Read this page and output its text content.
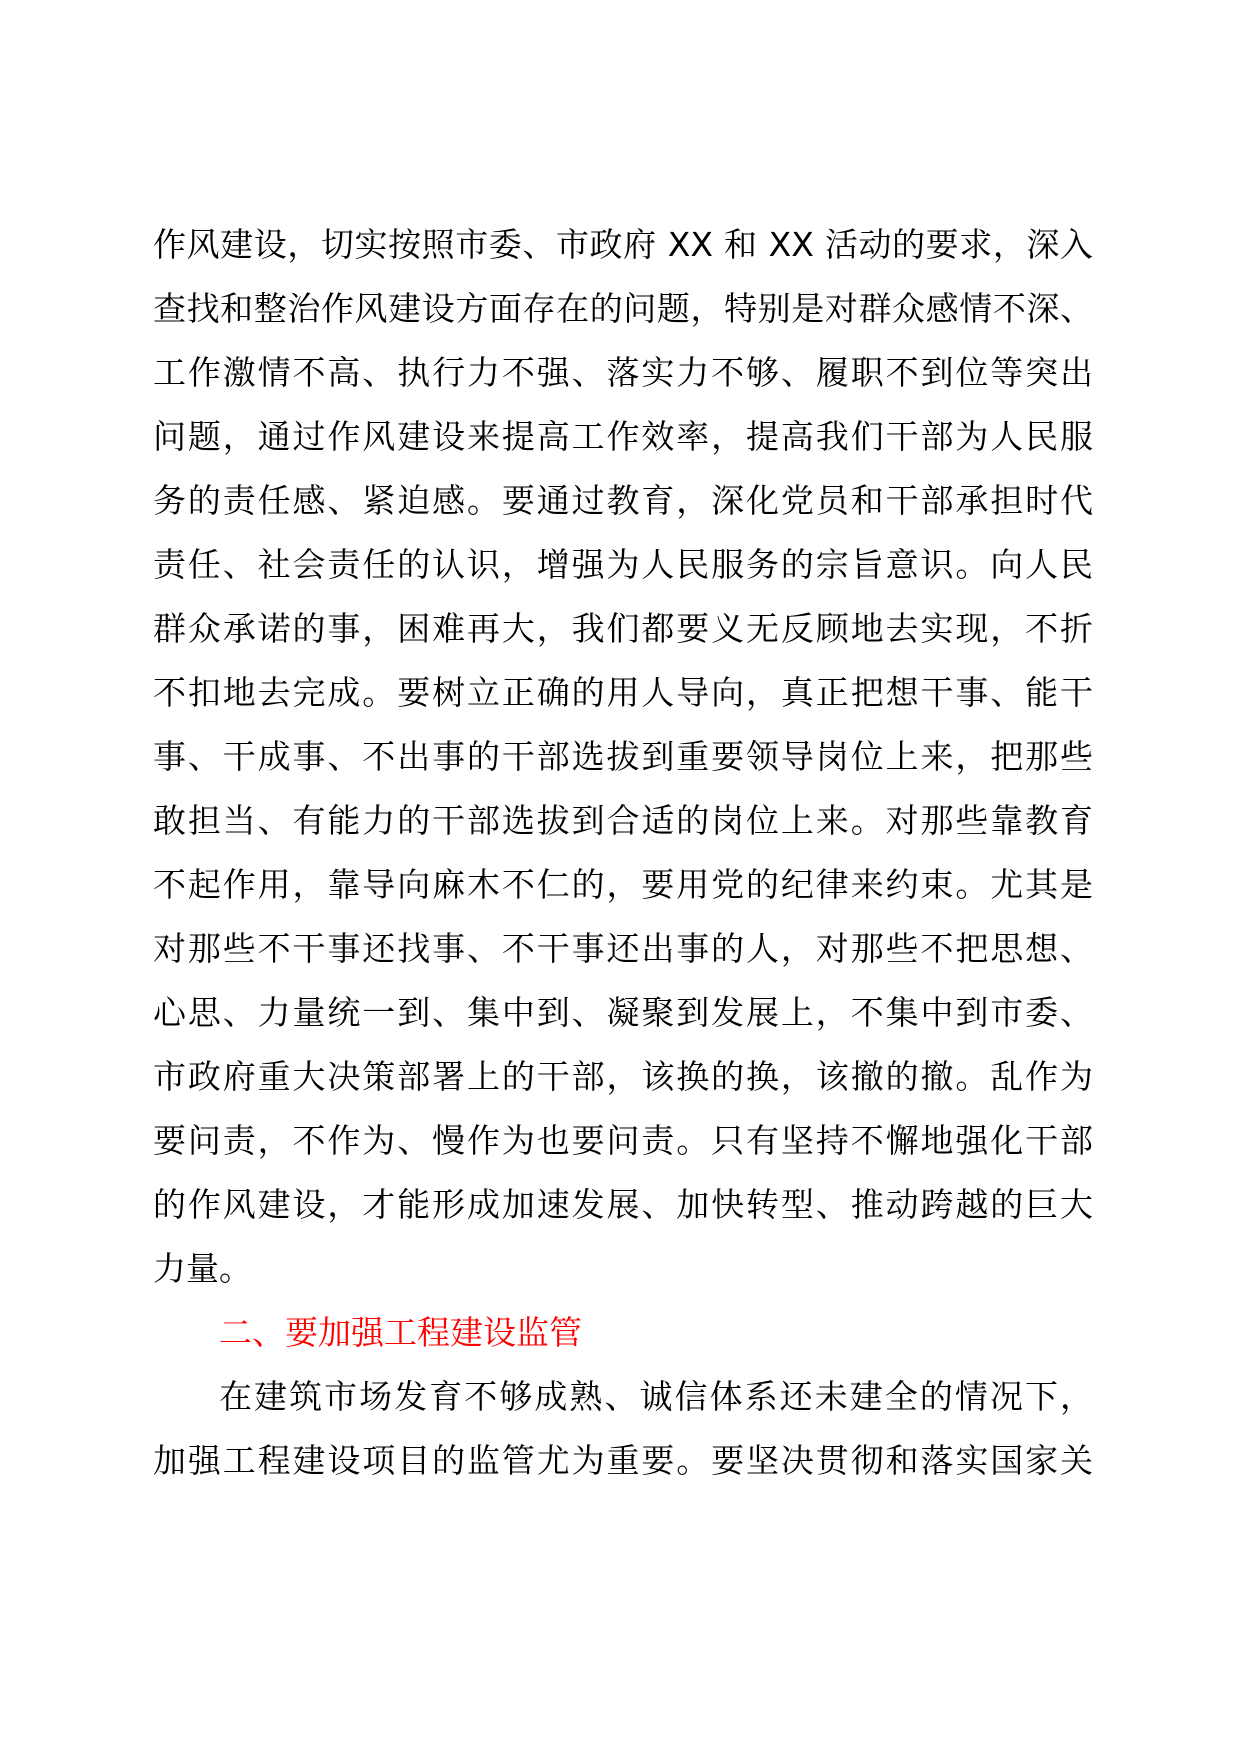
作风建设，切实按照市委、市政府 XX 和 XX 活动的要求，深入
查找和整治作风建设方面存在的问题，特别是对群众感情不深、
工作激情不高、执行力不强、落实力不够、履职不到位等突出
问题，通过作风建设来提高工作效率，提高我们干部为人民服
务的责任感、紧迫感。要通过教育，深化党员和干部承担时代
责任、社会责任的认识，增强为人民服务的宗旨意识。向人民
群众承诺的事，困难再大，我们都要义无反顾地去实现，不折
不扣地去完成。要树立正确的用人导向，真正把想干事、能干
事、干成事、不出事的干部选拔到重要领导岗位上来，把那些
敢担当、有能力的干部选拔到合适的岗位上来。对那些靠教育
不起作用，靠导向麻木不仁的，要用党的纪律来约束。尤其是
对那些不干事还找事、不干事还出事的人，对那些不把思想、
心思、力量统一到、集中到、凝聚到发展上，不集中到市委、
市政府重大决策部署上的干部，该换的换，该撤的撤。乱作为
要问责，不作为、慢作为也要问责。只有坚持不懈地强化干部
的作风建设，才能形成加速发展、加快转型、推动跨越的巨大
力量。
二、要加强工程建设监管
在建筑市场发育不够成熟、诚信体系还未建全的情况下，
加强工程建设项目的监管尤为重要。要坚决贯彻和落实国家关
